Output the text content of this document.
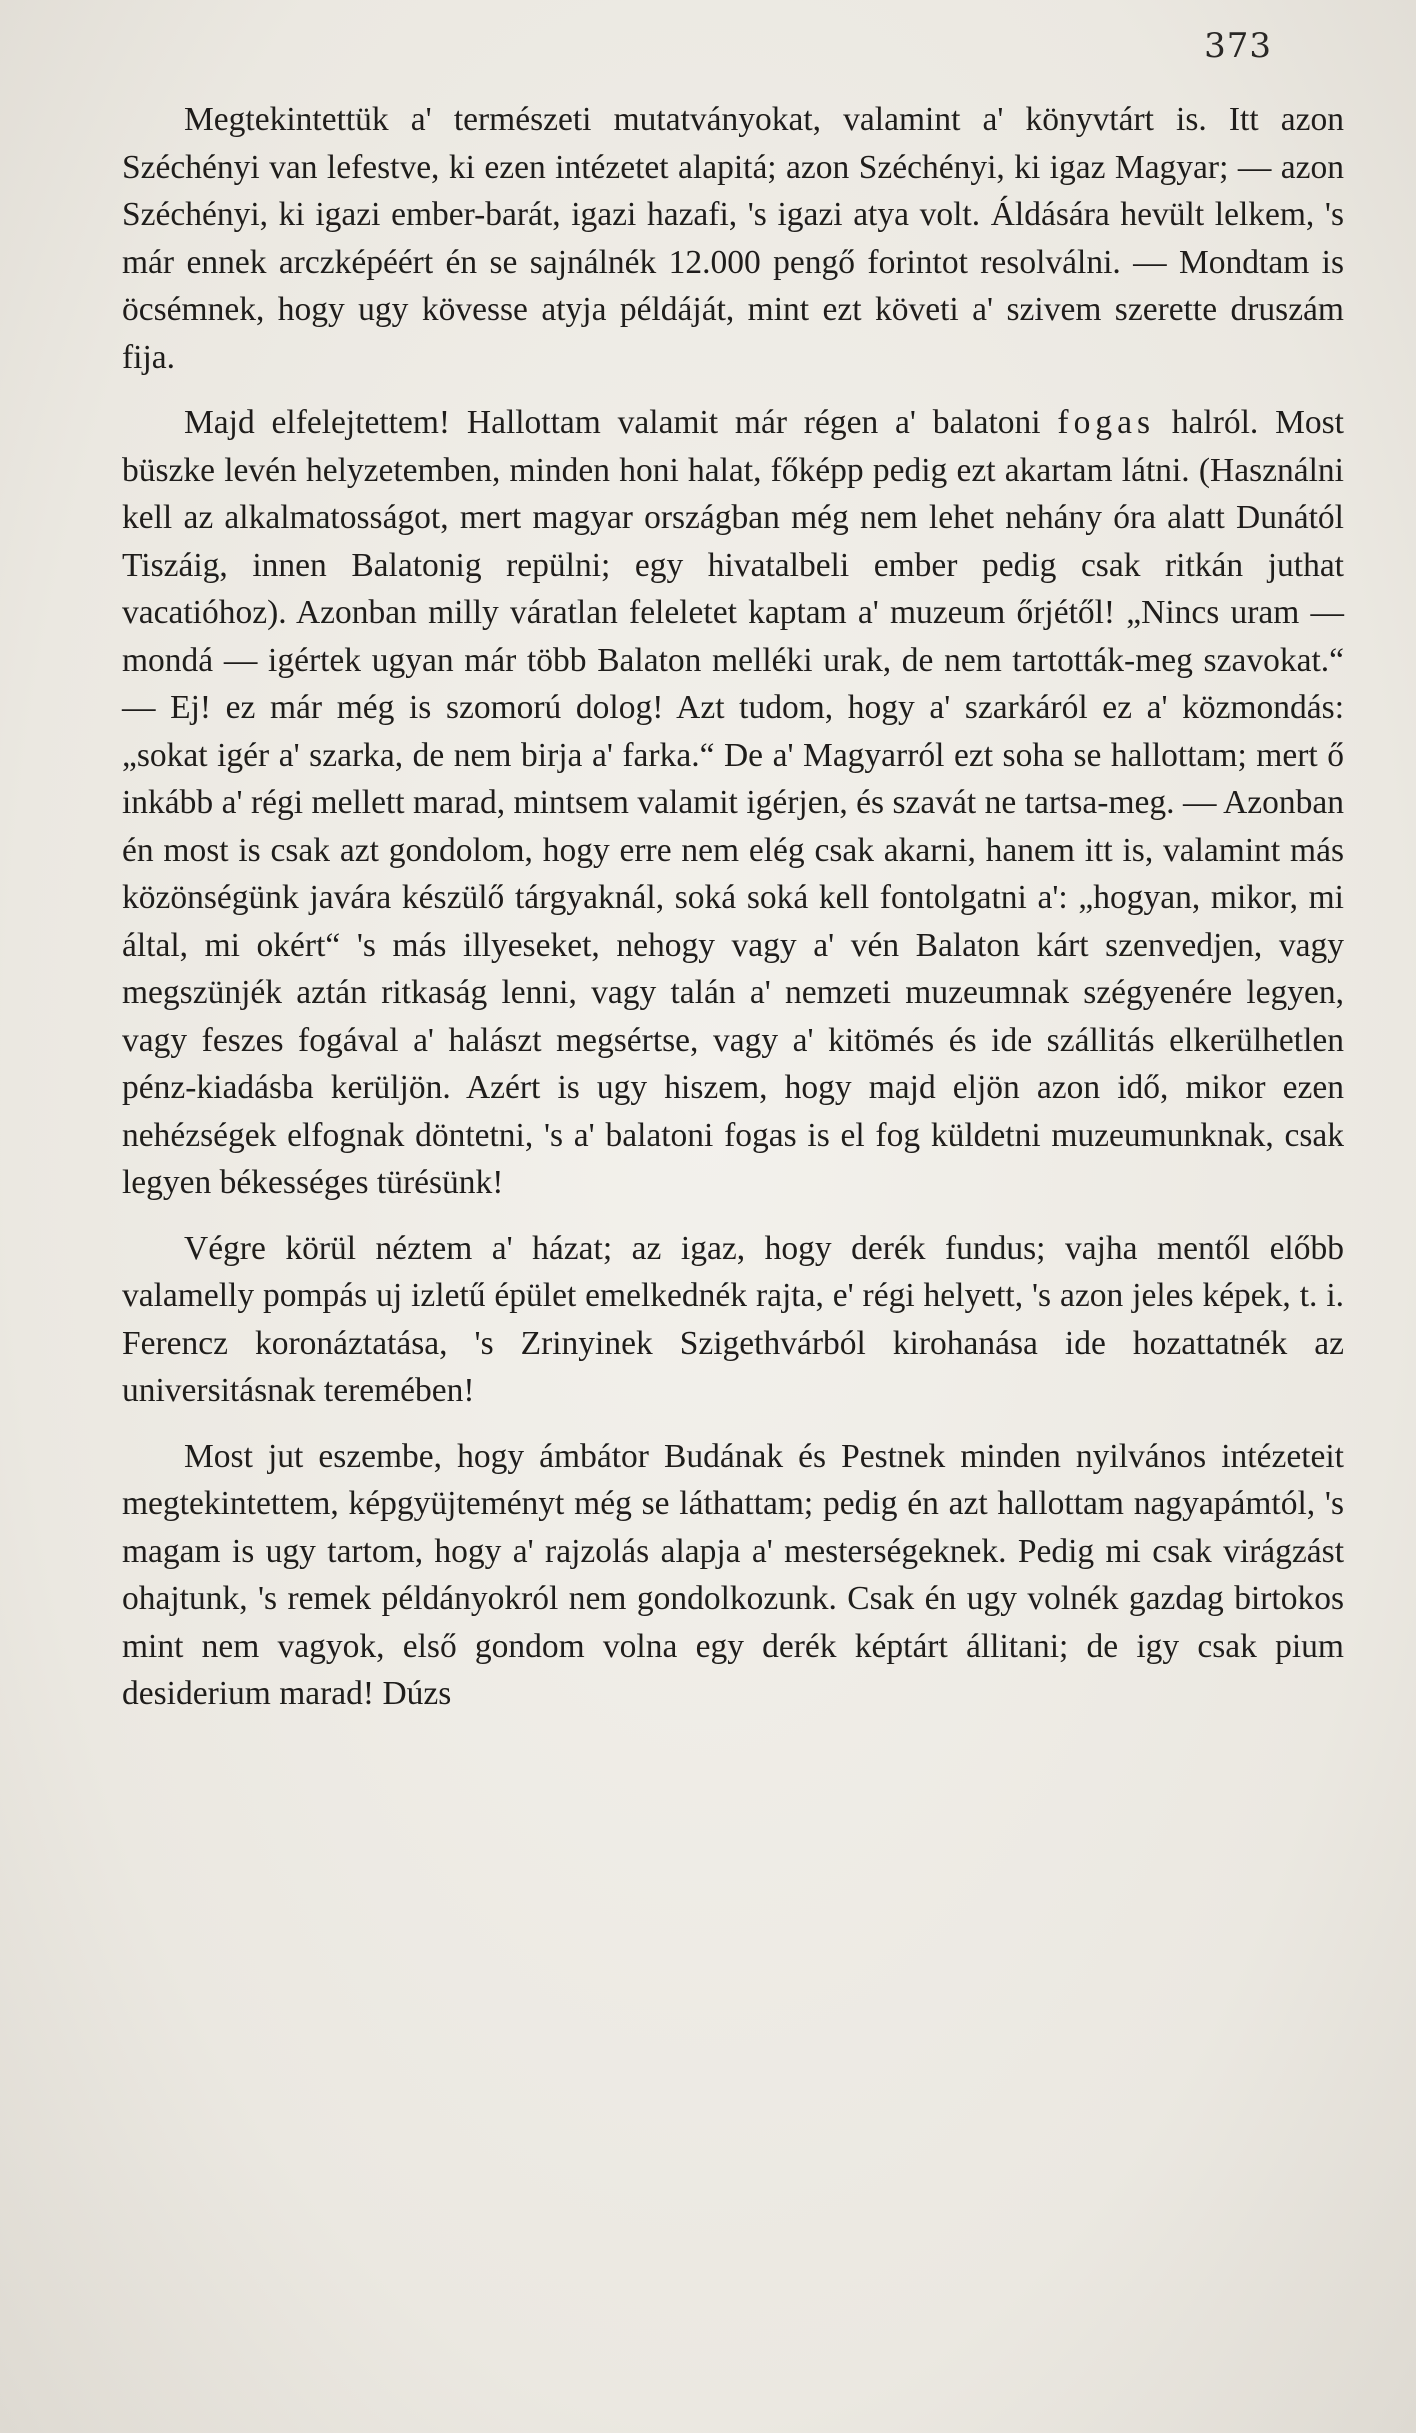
373

Megtekintettük a' természeti mutatványokat, valamint a' könyvtárt is. Itt azon Széchényi van lefestve, ki ezen intézetet alapitá; azon Széchényi, ki igaz Magyar; — azon Széchényi, ki igazi ember-barát, igazi hazafi, 's igazi atya volt. Áldására hevült lelkem, 's már ennek arczképéért én se sajnálnék 12.000 pengő forintot resolválni. — Mondtam is öcsémnek, hogy ugy kövesse atyja példáját, mint ezt követi a' szivem szerette druszám fija.

Majd elfelejtettem! Hallottam valamit már régen a' balatoni fogas halról. Most büszke levén helyzetemben, minden honi halat, főképp pedig ezt akartam látni. (Használni kell az alkalmatosságot, mert magyar országban még nem lehet nehány óra alatt Dunától Tiszáig, innen Balatonig repülni; egy hivatalbeli ember pedig csak ritkán juthat vacatióhoz). Azonban milly váratlan feleletet kaptam a' muzeum őrjétől! „Nincs uram — mondá — igértek ugyan már több Balaton melléki urak, de nem tartották-meg szavokat.“ — Ej! ez már még is szomorú dolog! Azt tudom, hogy a' szarkáról ez a' közmondás: „sokat igér a' szarka, de nem birja a' farka.“ De a' Magyarról ezt soha se hallottam; mert ő inkább a' régi mellett marad, mintsem valamit igérjen, és szavát ne tartsa-meg. — Azonban én most is csak azt gondolom, hogy erre nem elég csak akarni, hanem itt is, valamint más közönségünk javára készülő tárgyaknál, soká soká kell fontolgatni a': „hogyan, mikor, mi által, mi okért“ 's más illyeseket, nehogy vagy a' vén Balaton kárt szenvedjen, vagy megszünjék aztán ritkaság lenni, vagy talán a' nemzeti muzeumnak szégyenére legyen, vagy feszes fogával a' halászt megsértse, vagy a' kitömés és ide szállitás elkerülhetlen pénz-kiadásba kerüljön. Azért is ugy hiszem, hogy majd eljön azon idő, mikor ezen nehézségek elfognak döntetni, 's a' balatoni fogas is el fog küldetni muzeumunknak, csak legyen békességes türésünk!

Végre körül néztem a' házat; az igaz, hogy derék fundus; vajha mentől előbb valamelly pompás uj izletű épület emelkednék rajta, e' régi helyett, 's azon jeles képek, t. i. Ferencz koronáztatása, 's Zrinyinek Szigethvárból kirohanása ide hozattatnék az universitásnak teremében!

Most jut eszembe, hogy ámbátor Budának és Pestnek minden nyilvános intézeteit megtekintettem, képgyüjteményt még se láthattam; pedig én azt hallottam nagyapámtól, 's magam is ugy tartom, hogy a' rajzolás alapja a' mesterségeknek. Pedig mi csak virágzást ohajtunk, 's remek példányokról nem gondolkozunk. Csak én ugy volnék gazdag birtokos mint nem vagyok, első gondom volna egy derék képtárt állitani; de igy csak pium desiderium marad! Dúzs
